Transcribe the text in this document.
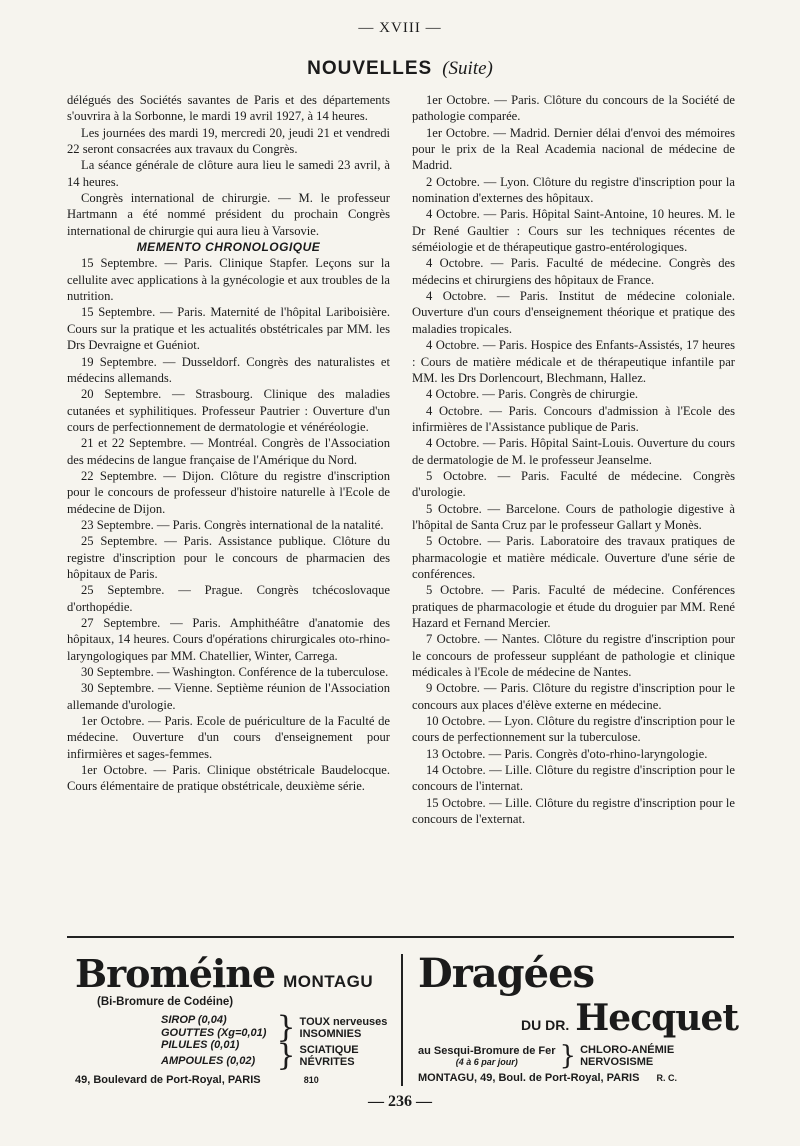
— XVIII —
NOUVELLES (Suite)

délégués des Sociétés savantes de Paris et des départements s'ouvrira à la Sorbonne, le mardi 19 avril 1927, à 14 heures.

Les journées des mardi 19, mercredi 20, jeudi 21 et vendredi 22 seront consacrées aux travaux du Congrès.

La séance générale de clôture aura lieu le samedi 23 avril, à 14 heures.

Congrès international de chirurgie. — M. le professeur Hartmann a été nommé président du prochain Congrès international de chirurgie qui aura lieu à Varsovie.

MEMENTO CHRONOLOGIQUE

15 Septembre. — Paris. Clinique Stapfer. Leçons sur la cellulite avec applications à la gynécologie et aux troubles de la nutrition.

15 Septembre. — Paris. Maternité de l'hôpital Lariboisière. Cours sur la pratique et les actualités obstétricales par MM. les Drs Devraigne et Guéniot.

19 Septembre. — Dusseldorf. Congrès des naturalistes et médecins allemands.

20 Septembre. — Strasbourg. Clinique des maladies cutanées et syphilitiques. Professeur Pautrier : Ouverture d'un cours de perfectionnement de dermatologie et vénéréologie.

21 et 22 Septembre. — Montréal. Congrès de l'Association des médecins de langue française de l'Amérique du Nord.

22 Septembre. — Dijon. Clôture du registre d'inscription pour le concours de professeur d'histoire naturelle à l'Ecole de médecine de Dijon.

23 Septembre. — Paris. Congrès international de la natalité.

25 Septembre. — Paris. Assistance publique. Clôture du registre d'inscription pour le concours de pharmacien des hôpitaux de Paris.

25 Septembre. — Prague. Congrès tchécoslovaque d'orthopédie.

27 Septembre. — Paris. Amphithéâtre d'anatomie des hôpitaux, 14 heures. Cours d'opérations chirurgicales oto-rhino-laryngologiques par MM. Chatellier, Winter, Carrega.

30 Septembre. — Washington. Conférence de la tuberculose.

30 Septembre. — Vienne. Septième réunion de l'Association allemande d'urologie.

1er Octobre. — Paris. Ecole de puériculture de la Faculté de médecine. Ouverture d'un cours d'enseignement pour infirmières et sages-femmes.

1er Octobre. — Paris. Clinique obstétricale Baudelocque. Cours élémentaire de pratique obstétricale, deuxième série.

1er Octobre. — Paris. Clôture du concours de la Société de pathologie comparée.

1er Octobre. — Madrid. Dernier délai d'envoi des mémoires pour le prix de la Real Academia nacional de médecine de Madrid.

2 Octobre. — Lyon. Clôture du registre d'inscription pour la nomination d'externes des hôpitaux.

4 Octobre. — Paris. Hôpital Saint-Antoine, 10 heures. M. le Dr René Gaultier : Cours sur les techniques récentes de séméiologie et de thérapeutique gastro-entérologiques.

4 Octobre. — Paris. Faculté de médecine. Congrès des médecins et chirurgiens des hôpitaux de France.

4 Octobre. — Paris. Institut de médecine coloniale. Ouverture d'un cours d'enseignement théorique et pratique des maladies tropicales.

4 Octobre. — Paris. Hospice des Enfants-Assistés, 17 heures : Cours de matière médicale et de thérapeutique infantile par MM. les Drs Dorlencourt, Blechmann, Hallez.

4 Octobre. — Paris. Congrès de chirurgie.

4 Octobre. — Paris. Concours d'admission à l'Ecole des infirmières de l'Assistance publique de Paris.

4 Octobre. — Paris. Hôpital Saint-Louis. Ouverture du cours de dermatologie de M. le professeur Jeanselme.

5 Octobre. — Paris. Faculté de médecine. Congrès d'urologie.

5 Octobre. — Barcelone. Cours de pathologie digestive à l'hôpital de Santa Cruz par le professeur Gallart y Monès.

5 Octobre. — Paris. Laboratoire des travaux pratiques de pharmacologie et matière médicale. Ouverture d'une série de conférences.

5 Octobre. — Paris. Faculté de médecine. Conférences pratiques de pharmacologie et étude du droguier par MM. René Hazard et Fernand Mercier.

7 Octobre. — Nantes. Clôture du registre d'inscription pour le concours de professeur suppléant de pathologie et clinique médicales à l'Ecole de médecine de Nantes.

9 Octobre. — Paris. Clôture du registre d'inscription pour le concours aux places d'élève externe en médecine.

10 Octobre. — Lyon. Clôture du registre d'inscription pour le cours de perfectionnement sur la tuberculose.

13 Octobre. — Paris. Congrès d'oto-rhino-laryngologie.

14 Octobre. — Lille. Clôture du registre d'inscription pour le concours de l'internat.

15 Octobre. — Lille. Clôture du registre d'inscription pour le concours de l'externat.

Broméine MONTAGU
(Bi-Bromure de Codéine)
SIROP (0,04)
GOUTTES (Xg=0,01)
PILULES (0,01)
AMPOULES (0,02)
} TOUX nerveuses
INSOMNIES
} SCIATIQUE
NÉVRITES
49, Boulevard de Port-Royal, PARIS	810
Dragées
DU DR. Hecquet
au Sesqui-Bromure de Fer
(4 à 6 par jour)	} CHLORO-ANÉMIE
NERVOSISME
MONTAGU, 49, Boul. de Port-Royal, PARIS R. C.
— 236 —
